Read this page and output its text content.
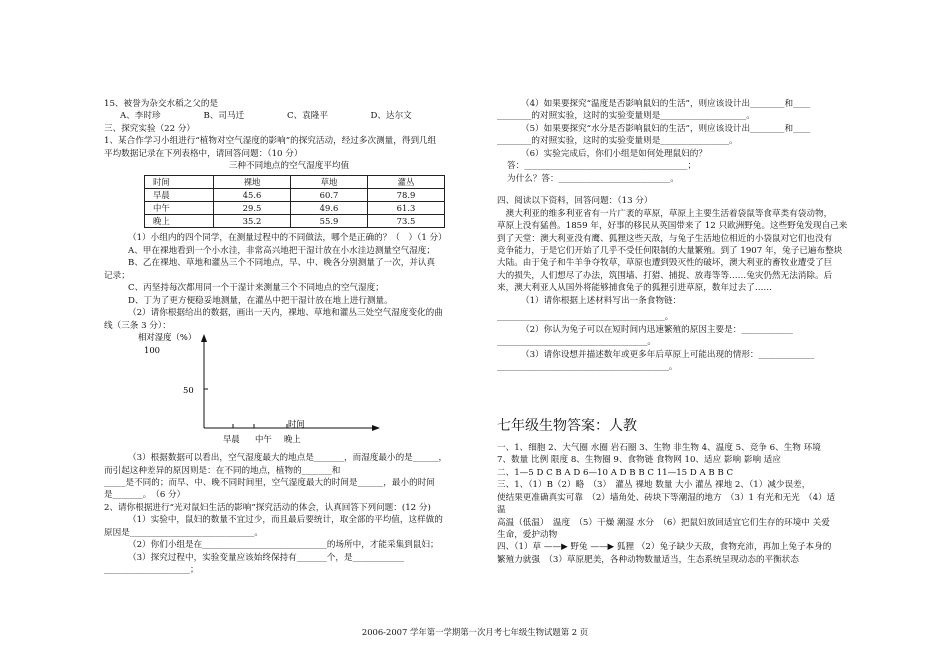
15、被誉为杂交水稻之父的是

A、李时珍	B、司马迁	C、袁隆平	D、达尔文

三、探究实验（22 分）

1、某合作学习小组进行“植物对空气湿度的影响”的探究活动，经过多次测量，得到几组

平均数据记录在下列表格中，请回答问题：（10 分）

三种不同地点的空气湿度平均值

时间	裸地	草地	灌丛
早晨	45.6	60.7	78.9
中午	29.5	49.6	61.3
晚上	35.2	55.9	73.5

（1）小组内的四个同学，在测量过程中的不同做法，哪个是正确的？（　）（1 分）

A、甲在裸地看到一个小水洼，非常高兴地把干湿计放在小水洼边测量空气湿度；

B、乙在裸地、草地和灌丛三个不同地点，早、中、晚各分别测量了一次，并认真

记录；

C、丙坚持每次都用同一个干湿计来测量三个不同地点的空气湿度；

D、丁为了更方便稳妥地测量，在灌丛中把干湿计放在地上进行测量。

（2）请你根据给出的数据，画出一天内，裸地、草地和灌丛三处空气湿度变化的曲

线（三条 3 分）：

相对湿度（%）
100
50
时间
早晨 中午 晚上

（3）根据数据可以看出，空气湿度最大的地点是_______，而湿度最小的是______，

而引起这种差异的原因则是：在不同的地点，植物的_______和

_____是不同的；而早、中、晚不同时间里，空气湿度最大的时间是______，最小的时间

是_______。　（6 分）

2、请你根据进行“光对鼠妇生活的影响”探究活动的体会，认真回答下列问题：(12 分)

（1）实验中，鼠妇的数量不宜过少，而且最后要统计，取全部的平均值，这样做的

原因是_____________________________。

（2）你们小组是在_____________________________的场所中，才能采集到鼠妇；

（3）探究过程中，实验变量应该始终保持有_______个，是____________

____________________；

（4）如果要探究“温度是否影响鼠妇的生活”，则应该设计出________和____

________的对照实验，这时的实验变量则是____________________。

（5）如果要探究“水分是否影响鼠妇的生活”，则应该设计出________和____

________的对照实验，这时的实验变量则是________________。

（6）实验完成后，你们小组是如何处理鼠妇的？

答：______________________________________；

为什么？答：__________________________。

四、阅读以下资料，回答问题：（13 分）

　澳大利亚的维多利亚省有一片广袤的草原，草原上主要生活着袋鼠等食草类有袋动物，

草原上没有猛兽。1859 年，好事的移民从英国带来了 12 只欧洲野兔。这些野兔发现自己来

到了天堂：澳大利亚没有鹰、狐狸这些天敌，与兔子生活地位相近的小袋鼠对它们也没有

竞争能力，于是它们开始了几乎不受任何限制的大量繁殖。到了 1907 年，兔子已遍布整块

大陆。由于兔子和牛羊争夺牧草，草原也遭到毁灭性的破坏，澳大利亚的畜牧业遭受了巨

大的损失，人们想尽了办法，筑围墙、打猎、捕捉、放毒等等……兔灾仍然无法消除。后

来，澳大利亚人从国外将能够捕食兔子的狐狸引进草原，数年过去了……

（1）请你根据上述材料写出一条食物链：

_______________________________________。

（2）你认为兔子可以在短时间内迅速繁殖的原因主要是：____________

___________________________________。

（3）请你设想并描述数年或更多年后草原上可能出现的情形：_____________

________________________________________。

七年级生物答案：人教

一、1、细胞 2、大气圈 水圈 岩石圈 3、生物 非生物 4、温度 5、竞争 6、生物 环境

7、数量 比例 限度 8、生物圈 9、食物链 食物网 10、适应 影响 影响 适应

二、1—5 D C B A D 6—10 A D B B C 11—15 D A B B C

三、1、（1）B（2）略　（3）　灌丛 裸地 数量 大小 灌丛 裸地 2、（1）减少误差，

使结果更准确真实可靠　（2）墙角处、砖块下等潮湿的地方　（3）1 有光和无光　（4）适

温

高温（低温）　温度　（5）干燥 潮湿 水分　（6）把鼠妇放回适宜它们生存的环境中 关爱

生命，爱护动物

四、（1）草 ——▶ 野兔 ——▶ 狐狸 （2）兔子缺少天敌，食物充沛，再加上兔子本身的

繁殖力就强　（3）草原肥美，各种动物数量适当，生态系统呈现动态的平衡状态

2006-2007 学年第一学期第一次月考七年级生物试题第 2 页
